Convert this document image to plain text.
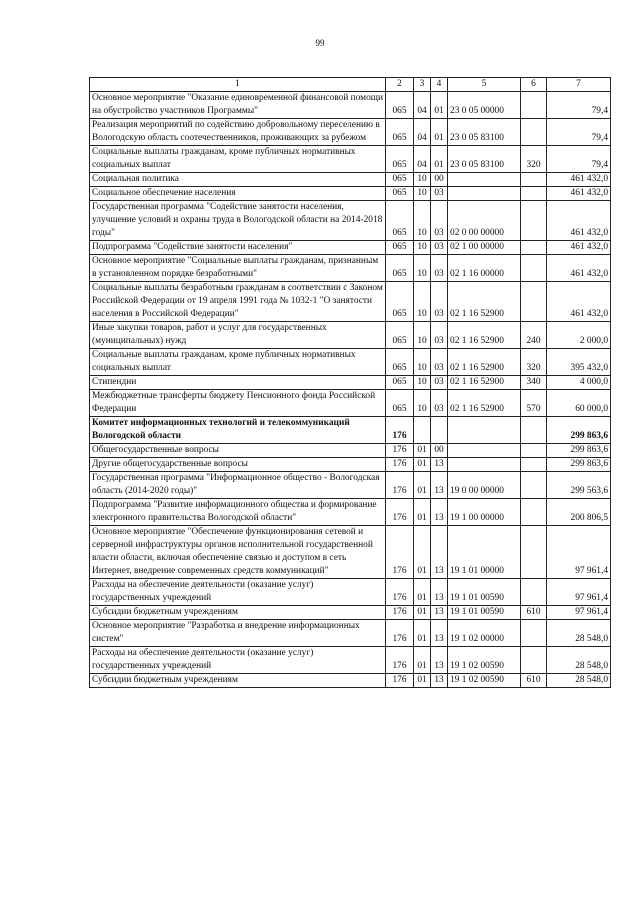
99
1	2	3	4	5	6	7
Основное мероприятие "Оказание единовременной финансовой помощи на обустройство участников Программы"	065	04	01	23 0 05 00000		79,4
Реализация мероприятий по содействию добровольному переселению в Вологодскую область соотечественников, проживающих за рубежом	065	04	01	23 0 05 83100		79,4
Социальные выплаты гражданам, кроме публичных нормативных социальных выплат	065	04	01	23 0 05 83100	320	79,4
Социальная политика	065	10	00			461 432,0
Социальное обеспечение населения	065	10	03			461 432,0
Государственная программа "Содействие занятости населения, улучшение условий и охраны труда в Вологодской области на 2014-2018 годы"	065	10	03	02 0 00 00000		461 432,0
Подпрограмма "Содействие занятости населения"	065	10	03	02 1 00 00000		461 432,0
Основное мероприятие "Социальные выплаты гражданам, признанным в установленном порядке безработными"	065	10	03	02 1 16 00000		461 432,0
Социальные выплаты безработным гражданам в соответствии с Законом Российской Федерации от 19 апреля 1991 года № 1032-1 "О занятости населения в Российской Федерации"	065	10	03	02 1 16 52900		461 432,0
Иные закупки товаров, работ и услуг для государственных (муниципальных) нужд	065	10	03	02 1 16 52900	240	2 000,0
Социальные выплаты гражданам, кроме публичных нормативных социальных выплат	065	10	03	02 1 16 52900	320	395 432,0
Стипендии	065	10	03	02 1 16 52900	340	4 000,0
Межбюджетные трансферты бюджету Пенсионного фонда Российской Федерации	065	10	03	02 1 16 52900	570	60 000,0
Комитет информационных технологий и телекоммуникаций Вологодской области	176					299 863,6
Общегосударственные вопросы	176	01	00			299 863,6
Другие общегосударственные вопросы	176	01	13			299 863,6
Государственная программа "Информационное общество - Вологодская область (2014-2020 годы)"	176	01	13	19 0 00 00000		299 563,6
Подпрограмма "Развитие информационного общества и формирование электронного правительства Вологодской области"	176	01	13	19 1 00 00000		200 806,5
Основное мероприятие "Обеспечение функционирования сетевой и серверной инфраструктуры органов исполнительной государственной власти области, включая обеспечение связью и доступом в сеть Интернет, внедрение современных средств коммуникаций"	176	01	13	19 1 01 00000		97 961,4
Расходы на обеспечение деятельности (оказание услуг) государственных учреждений	176	01	13	19 1 01 00590		97 961,4
Субсидии бюджетным учреждениям	176	01	13	19 1 01 00590	610	97 961,4
Основное мероприятие "Разработка и внедрение информационных систем"	176	01	13	19 1 02 00000		28 548,0
Расходы на обеспечение деятельности (оказание услуг) государственных учреждений	176	01	13	19 1 02 00590		28 548,0
Субсидии бюджетным учреждениям	176	01	13	19 1 02 00590	610	28 548,0
